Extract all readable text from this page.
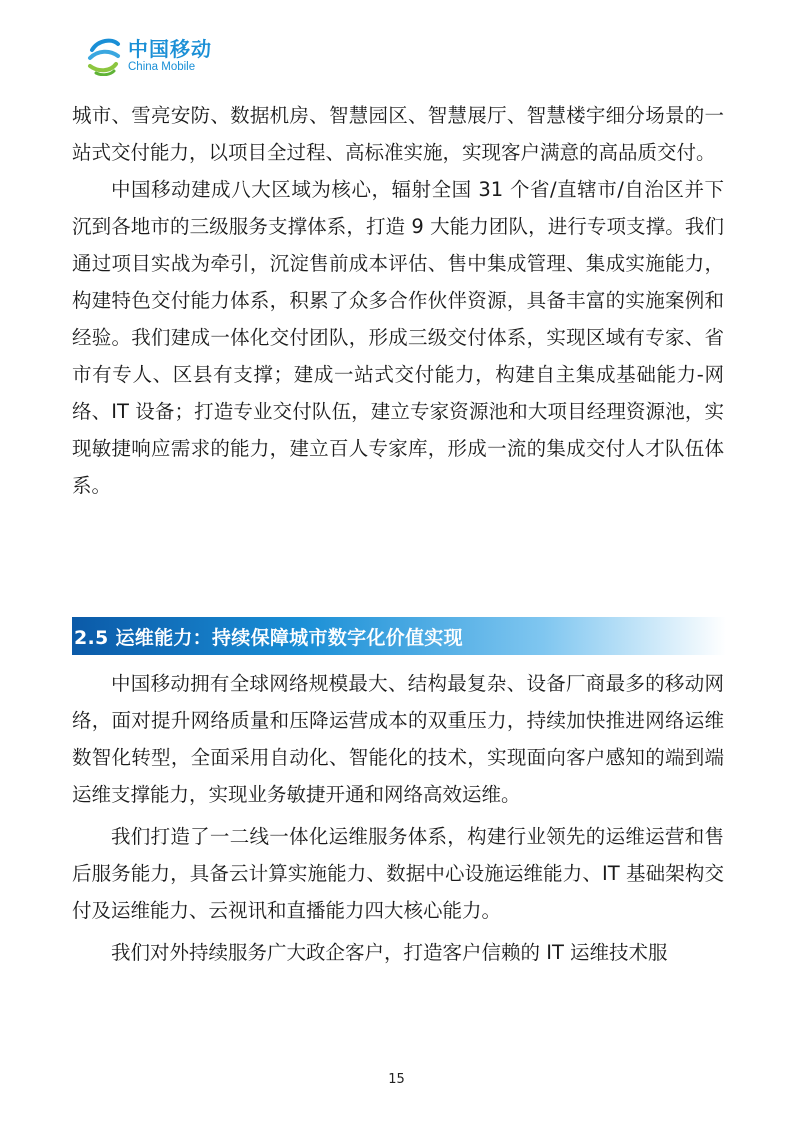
中国移动
China Mobile

城市、雪亮安防、数据机房、智慧园区、智慧展厅、智慧楼宇细分场景的一站式交付能力，以项目全过程、高标准实施，实现客户满意的高品质交付。

中国移动建成八大区域为核心，辐射全国 31 个省/直辖市/自治区并下沉到各地市的三级服务支撑体系，打造 9 大能力团队，进行专项支撑。我们通过项目实战为牵引，沉淀售前成本评估、售中集成管理、集成实施能力，构建特色交付能力体系，积累了众多合作伙伴资源，具备丰富的实施案例和经验。我们建成一体化交付团队，形成三级交付体系，实现区域有专家、省市有专人、区县有支撑；建成一站式交付能力，构建自主集成基础能力-网络、IT 设备；打造专业交付队伍，建立专家资源池和大项目经理资源池，实现敏捷响应需求的能力，建立百人专家库，形成一流的集成交付人才队伍体系。

2.5 运维能力：持续保障城市数字化价值实现

中国移动拥有全球网络规模最大、结构最复杂、设备厂商最多的移动网络，面对提升网络质量和压降运营成本的双重压力，持续加快推进网络运维数智化转型，全面采用自动化、智能化的技术，实现面向客户感知的端到端运维支撑能力，实现业务敏捷开通和网络高效运维。

我们打造了一二线一体化运维服务体系，构建行业领先的运维运营和售后服务能力，具备云计算实施能力、数据中心设施运维能力、IT 基础架构交付及运维能力、云视讯和直播能力四大核心能力。

我们对外持续服务广大政企客户，打造客户信赖的 IT 运维技术服

15
